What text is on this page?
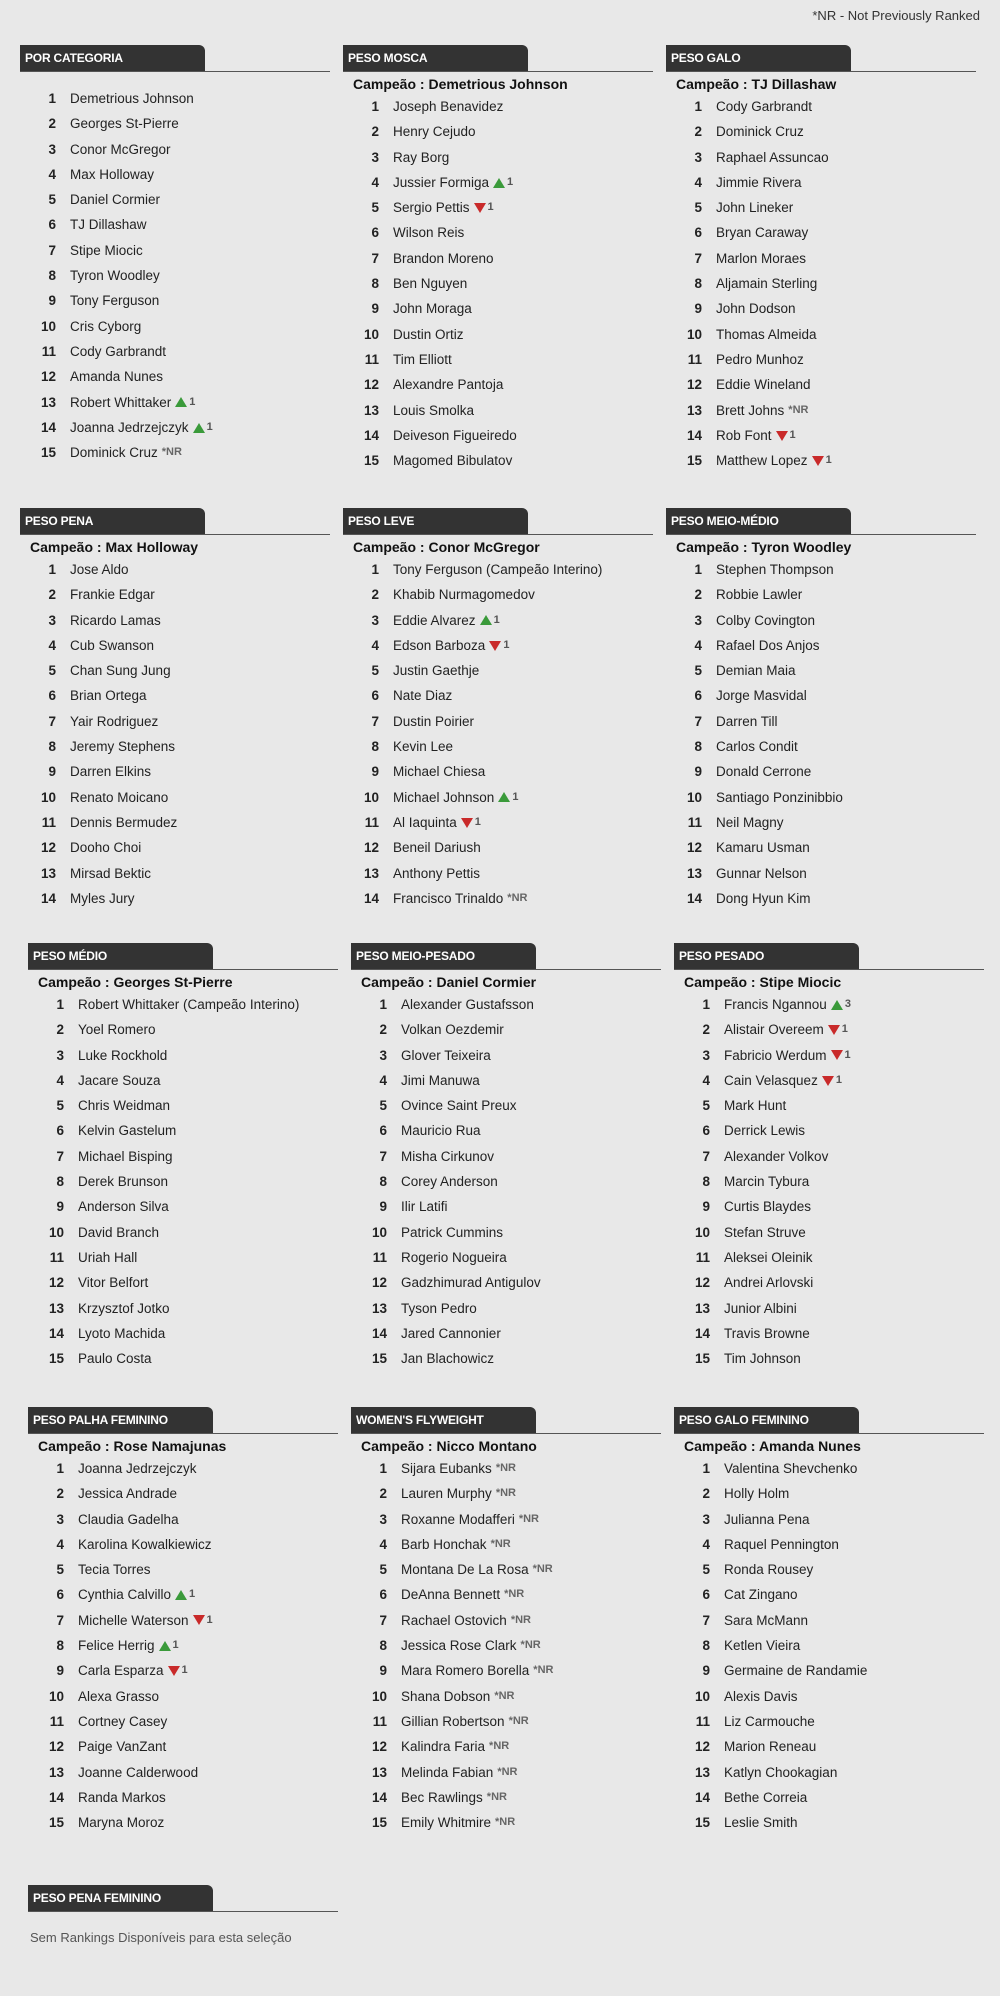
*NR - Not Previously Ranked
POR CATEGORIA
1	Demetrious Johnson
2	Georges St-Pierre
3	Conor McGregor
4	Max Holloway
5	Daniel Cormier
6	TJ Dillashaw
7	Stipe Miocic
8	Tyron Woodley
9	Tony Ferguson
10	Cris Cyborg
11	Cody Garbrandt
12	Amanda Nunes
13	Robert Whittaker 1
14	Joanna Jedrzejczyk 1
15	Dominick Cruz *NR
PESO MOSCA
Campeão : Demetrious Johnson
1	Joseph Benavidez
2	Henry Cejudo
3	Ray Borg
4	Jussier Formiga 1
5	Sergio Pettis 1
6	Wilson Reis
7	Brandon Moreno
8	Ben Nguyen
9	John Moraga
10	Dustin Ortiz
11	Tim Elliott
12	Alexandre Pantoja
13	Louis Smolka
14	Deiveson Figueiredo
15	Magomed Bibulatov
PESO GALO
Campeão : TJ Dillashaw
1	Cody Garbrandt
2	Dominick Cruz
3	Raphael Assuncao
4	Jimmie Rivera
5	John Lineker
6	Bryan Caraway
7	Marlon Moraes
8	Aljamain Sterling
9	John Dodson
10	Thomas Almeida
11	Pedro Munhoz
12	Eddie Wineland
13	Brett Johns *NR
14	Rob Font 1
15	Matthew Lopez 1
PESO PENA
Campeão : Max Holloway
1	Jose Aldo
2	Frankie Edgar
3	Ricardo Lamas
4	Cub Swanson
5	Chan Sung Jung
6	Brian Ortega
7	Yair Rodriguez
8	Jeremy Stephens
9	Darren Elkins
10	Renato Moicano
11	Dennis Bermudez
12	Dooho Choi
13	Mirsad Bektic
14	Myles Jury
PESO LEVE
Campeão : Conor McGregor
1	Tony Ferguson (Campeão Interino)
2	Khabib Nurmagomedov
3	Eddie Alvarez 1
4	Edson Barboza 1
5	Justin Gaethje
6	Nate Diaz
7	Dustin Poirier
8	Kevin Lee
9	Michael Chiesa
10	Michael Johnson 1
11	Al Iaquinta 1
12	Beneil Dariush
13	Anthony Pettis
14	Francisco Trinaldo *NR
PESO MEIO-MÉDIO
Campeão : Tyron Woodley
1	Stephen Thompson
2	Robbie Lawler
3	Colby Covington
4	Rafael Dos Anjos
5	Demian Maia
6	Jorge Masvidal
7	Darren Till
8	Carlos Condit
9	Donald Cerrone
10	Santiago Ponzinibbio
11	Neil Magny
12	Kamaru Usman
13	Gunnar Nelson
14	Dong Hyun Kim
PESO MÉDIO
Campeão : Georges St-Pierre
1	Robert Whittaker (Campeão Interino)
2	Yoel Romero
3	Luke Rockhold
4	Jacare Souza
5	Chris Weidman
6	Kelvin Gastelum
7	Michael Bisping
8	Derek Brunson
9	Anderson Silva
10	David Branch
11	Uriah Hall
12	Vitor Belfort
13	Krzysztof Jotko
14	Lyoto Machida
15	Paulo Costa
PESO MEIO-PESADO
Campeão : Daniel Cormier
1	Alexander Gustafsson
2	Volkan Oezdemir
3	Glover Teixeira
4	Jimi Manuwa
5	Ovince Saint Preux
6	Mauricio Rua
7	Misha Cirkunov
8	Corey Anderson
9	Ilir Latifi
10	Patrick Cummins
11	Rogerio Nogueira
12	Gadzhimurad Antigulov
13	Tyson Pedro
14	Jared Cannonier
15	Jan Blachowicz
PESO PESADO
Campeão : Stipe Miocic
1	Francis Ngannou 3
2	Alistair Overeem 1
3	Fabricio Werdum 1
4	Cain Velasquez 1
5	Mark Hunt
6	Derrick Lewis
7	Alexander Volkov
8	Marcin Tybura
9	Curtis Blaydes
10	Stefan Struve
11	Aleksei Oleinik
12	Andrei Arlovski
13	Junior Albini
14	Travis Browne
15	Tim Johnson
PESO PALHA FEMININO
Campeão : Rose Namajunas
1	Joanna Jedrzejczyk
2	Jessica Andrade
3	Claudia Gadelha
4	Karolina Kowalkiewicz
5	Tecia Torres
6	Cynthia Calvillo 1
7	Michelle Waterson 1
8	Felice Herrig 1
9	Carla Esparza 1
10	Alexa Grasso
11	Cortney Casey
12	Paige VanZant
13	Joanne Calderwood
14	Randa Markos
15	Maryna Moroz
WOMEN'S FLYWEIGHT
Campeão : Nicco Montano
1	Sijara Eubanks *NR
2	Lauren Murphy *NR
3	Roxanne Modafferi *NR
4	Barb Honchak *NR
5	Montana De La Rosa *NR
6	DeAnna Bennett *NR
7	Rachael Ostovich *NR
8	Jessica Rose Clark *NR
9	Mara Romero Borella *NR
10	Shana Dobson *NR
11	Gillian Robertson *NR
12	Kalindra Faria *NR
13	Melinda Fabian *NR
14	Bec Rawlings *NR
15	Emily Whitmire *NR
PESO GALO FEMININO
Campeão : Amanda Nunes
1	Valentina Shevchenko
2	Holly Holm
3	Julianna Pena
4	Raquel Pennington
5	Ronda Rousey
6	Cat Zingano
7	Sara McMann
8	Ketlen Vieira
9	Germaine de Randamie
10	Alexis Davis
11	Liz Carmouche
12	Marion Reneau
13	Katlyn Chookagian
14	Bethe Correia
15	Leslie Smith
PESO PENA FEMININO
Sem Rankings Disponíveis para esta seleção
